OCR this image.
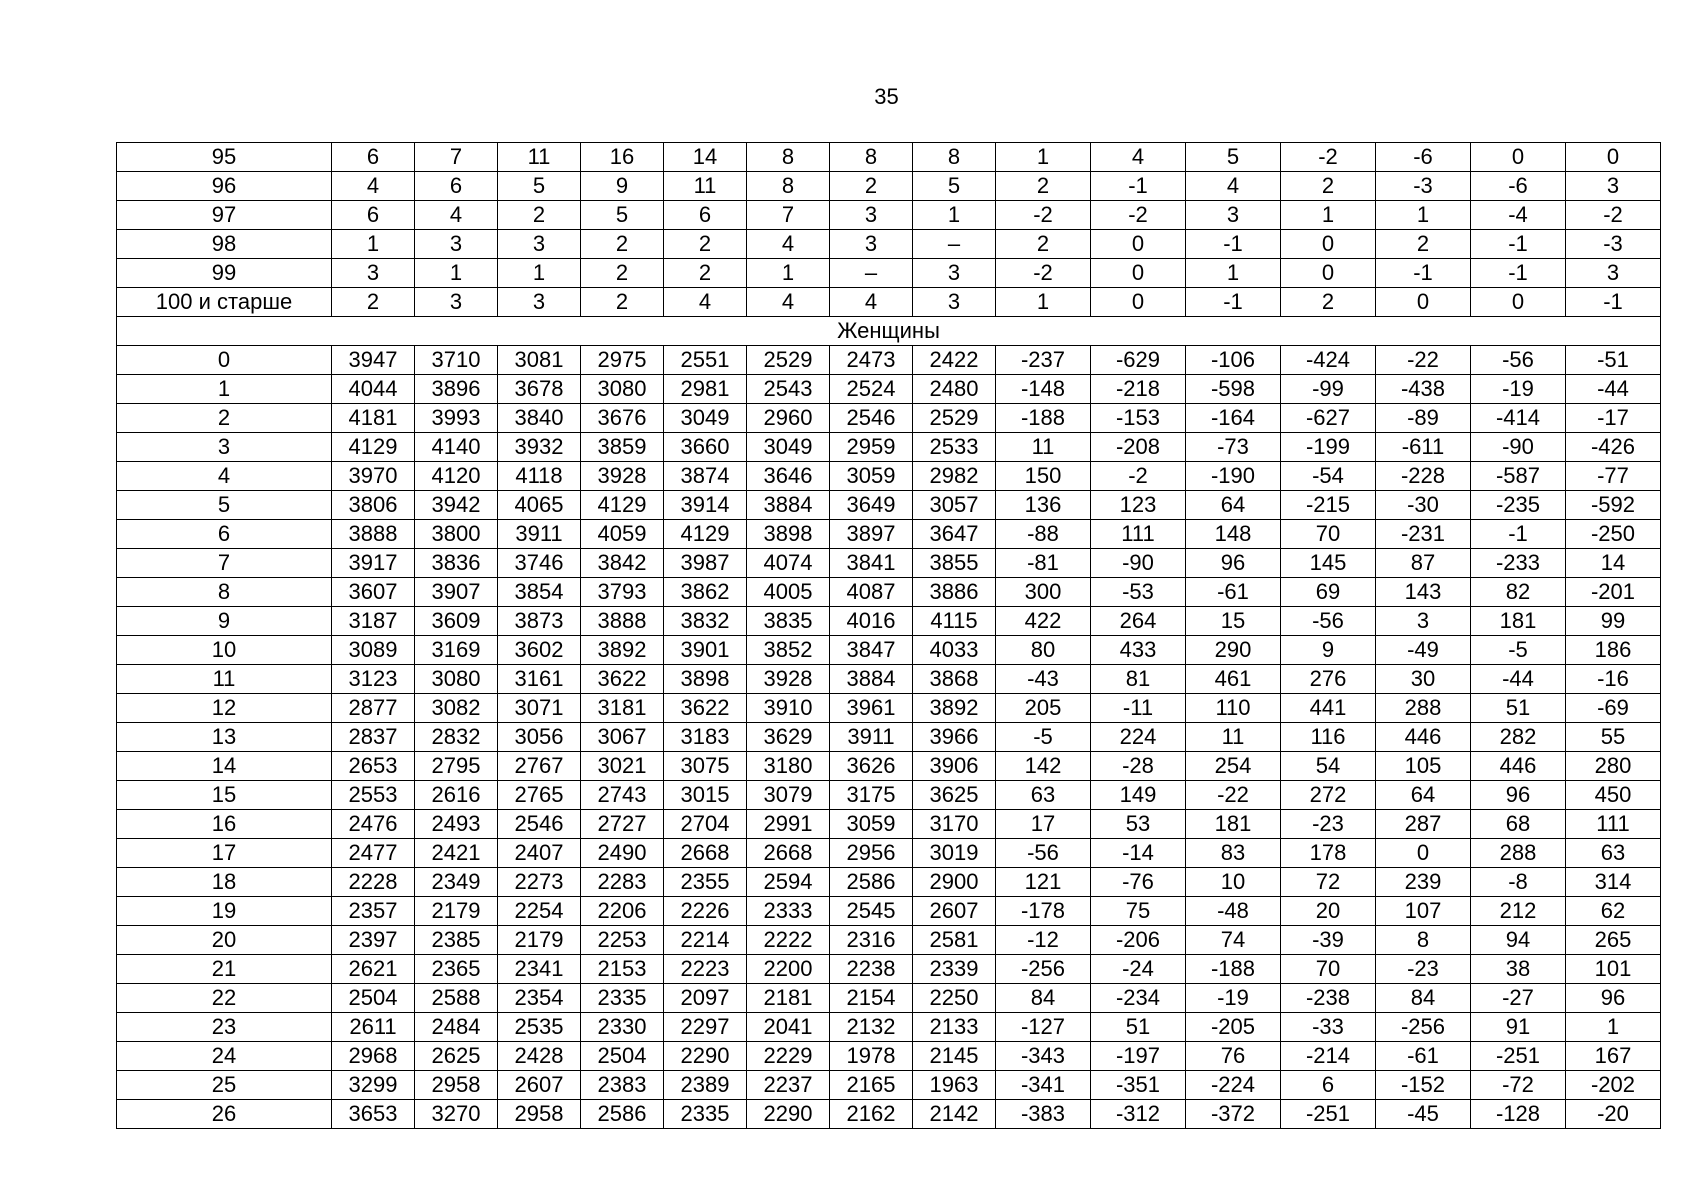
35
95	6	7	11	16	14	8	8	8	1	4	5	-2	-6	0	0
96	4	6	5	9	11	8	2	5	2	-1	4	2	-3	-6	3
97	6	4	2	5	6	7	3	1	-2	-2	3	1	1	-4	-2
98	1	3	3	2	2	4	3	–	2	0	-1	0	2	-1	-3
99	3	1	1	2	2	1	–	3	-2	0	1	0	-1	-1	3
100 и старше	2	3	3	2	4	4	4	3	1	0	-1	2	0	0	-1
Женщины															
0	3947	3710	3081	2975	2551	2529	2473	2422	-237	-629	-106	-424	-22	-56	-51
1	4044	3896	3678	3080	2981	2543	2524	2480	-148	-218	-598	-99	-438	-19	-44
2	4181	3993	3840	3676	3049	2960	2546	2529	-188	-153	-164	-627	-89	-414	-17
3	4129	4140	3932	3859	3660	3049	2959	2533	11	-208	-73	-199	-611	-90	-426
4	3970	4120	4118	3928	3874	3646	3059	2982	150	-2	-190	-54	-228	-587	-77
5	3806	3942	4065	4129	3914	3884	3649	3057	136	123	64	-215	-30	-235	-592
6	3888	3800	3911	4059	4129	3898	3897	3647	-88	111	148	70	-231	-1	-250
7	3917	3836	3746	3842	3987	4074	3841	3855	-81	-90	96	145	87	-233	14
8	3607	3907	3854	3793	3862	4005	4087	3886	300	-53	-61	69	143	82	-201
9	3187	3609	3873	3888	3832	3835	4016	4115	422	264	15	-56	3	181	99
10	3089	3169	3602	3892	3901	3852	3847	4033	80	433	290	9	-49	-5	186
11	3123	3080	3161	3622	3898	3928	3884	3868	-43	81	461	276	30	-44	-16
12	2877	3082	3071	3181	3622	3910	3961	3892	205	-11	110	441	288	51	-69
13	2837	2832	3056	3067	3183	3629	3911	3966	-5	224	11	116	446	282	55
14	2653	2795	2767	3021	3075	3180	3626	3906	142	-28	254	54	105	446	280
15	2553	2616	2765	2743	3015	3079	3175	3625	63	149	-22	272	64	96	450
16	2476	2493	2546	2727	2704	2991	3059	3170	17	53	181	-23	287	68	111
17	2477	2421	2407	2490	2668	2668	2956	3019	-56	-14	83	178	0	288	63
18	2228	2349	2273	2283	2355	2594	2586	2900	121	-76	10	72	239	-8	314
19	2357	2179	2254	2206	2226	2333	2545	2607	-178	75	-48	20	107	212	62
20	2397	2385	2179	2253	2214	2222	2316	2581	-12	-206	74	-39	8	94	265
21	2621	2365	2341	2153	2223	2200	2238	2339	-256	-24	-188	70	-23	38	101
22	2504	2588	2354	2335	2097	2181	2154	2250	84	-234	-19	-238	84	-27	96
23	2611	2484	2535	2330	2297	2041	2132	2133	-127	51	-205	-33	-256	91	1
24	2968	2625	2428	2504	2290	2229	1978	2145	-343	-197	76	-214	-61	-251	167
25	3299	2958	2607	2383	2389	2237	2165	1963	-341	-351	-224	6	-152	-72	-202
26	3653	3270	2958	2586	2335	2290	2162	2142	-383	-312	-372	-251	-45	-128	-20
